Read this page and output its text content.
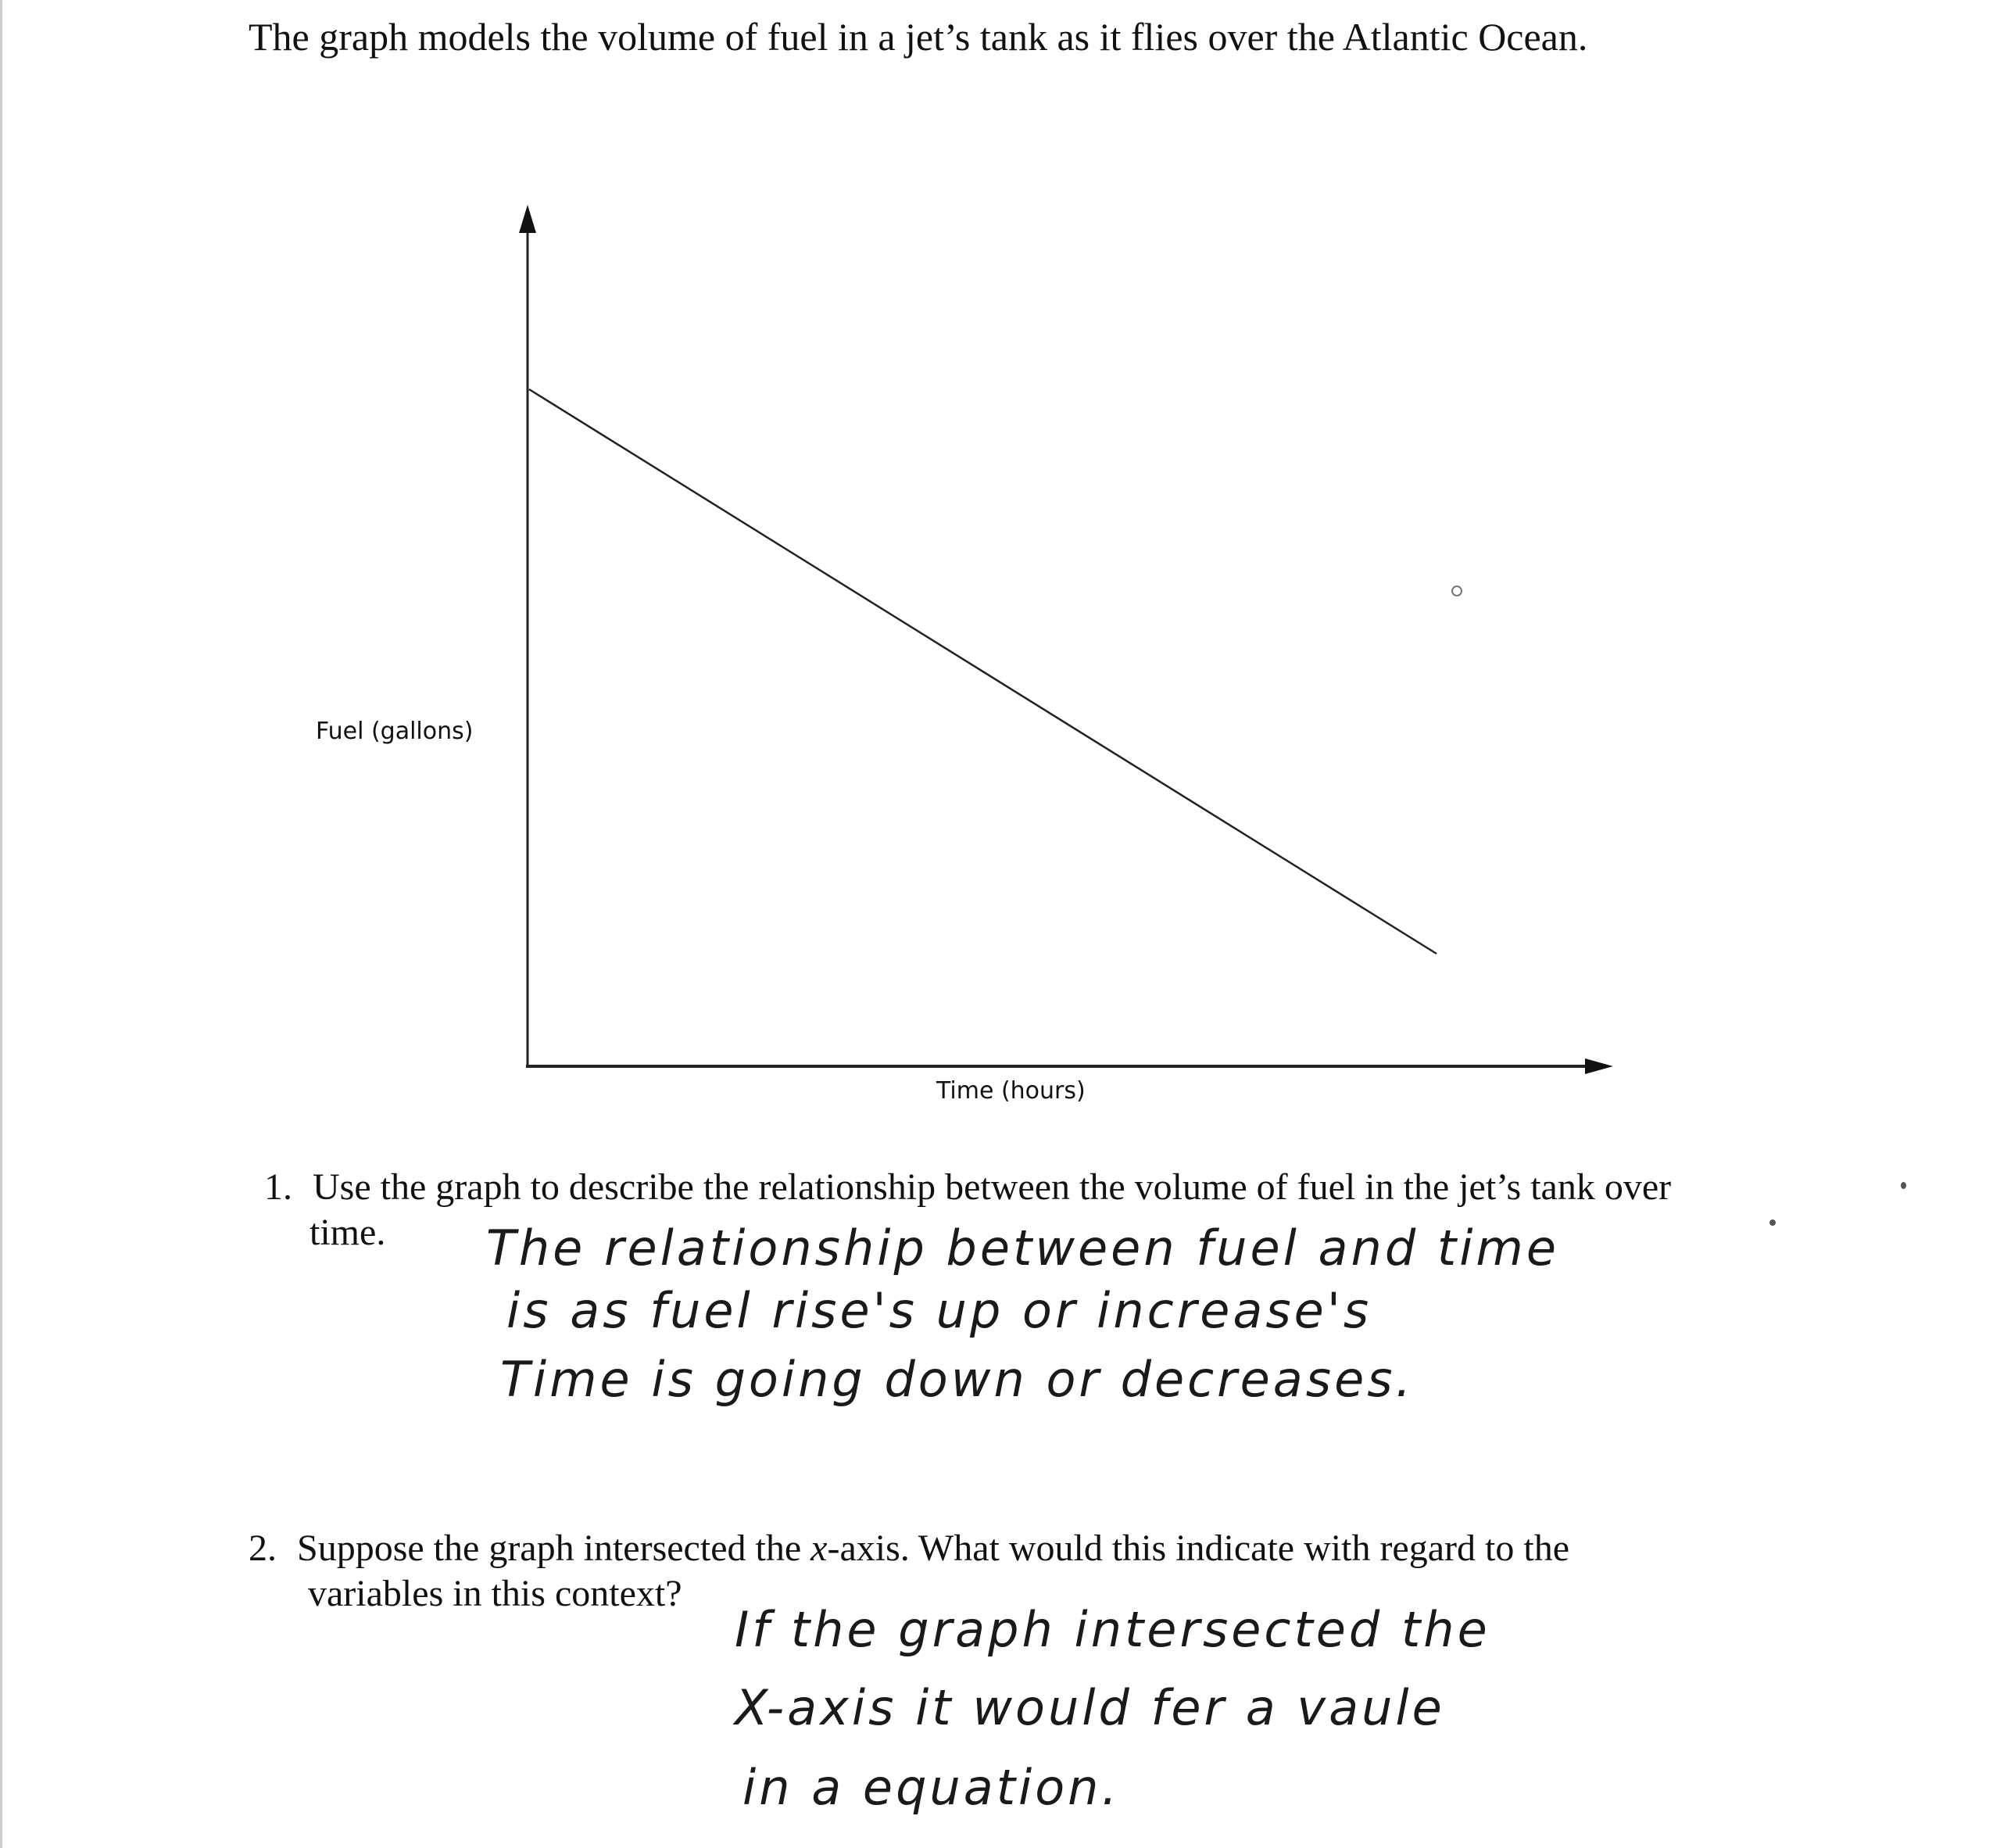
The graph models the volume of fuel in a jet’s tank as it flies over the Atlantic Ocean.
Fuel (gallons)
Time (hours)
1. Use the graph to describe the relationship between the volume of fuel in the jet’s tank over
time.	The relationship between fuel and time
is as fuel rise's up or increase's
Time is going down or decreases.
2. Suppose the graph intersected the x-axis. What would this indicate with regard to the
variables in this context?
If the graph intersected the
X-axis it would fer a vaule
in a equation.
